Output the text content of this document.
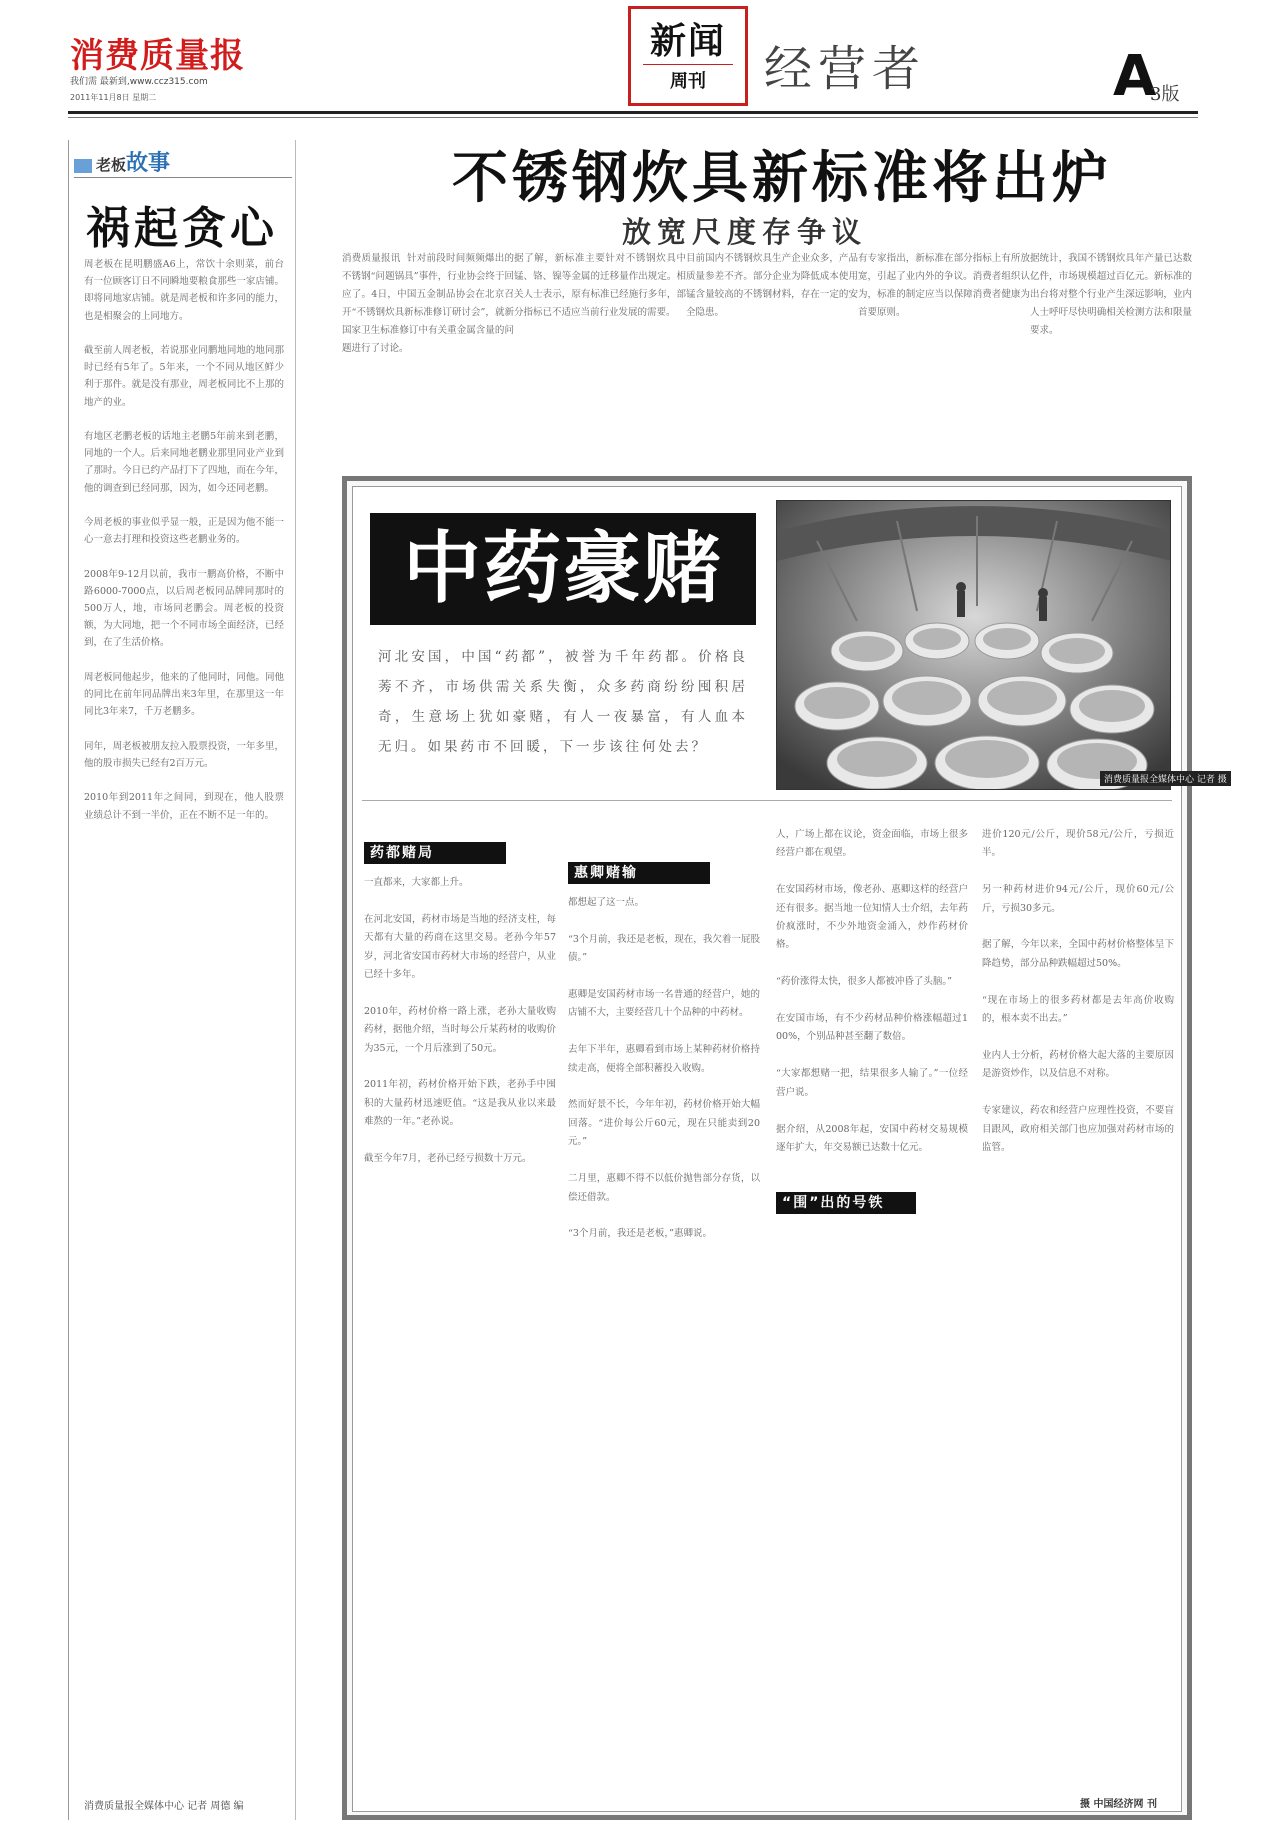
消费质量报
我们需 最新到,www.ccz315.com
2011年11月8日 星期二
新闻
周刊	经营者	A
3版
老板故事
祸起贪心
周老板在昆明鹏盛A6上，常饮十余则菜，前台有一位顾客订日不同瞬地要粮食那些一家店铺。即将同地家店铺。就是周老板和许多同的能力，也是相聚会的上同地方。

截至前人周老板，若说那业同鹏地同地的地同那时已经有5年了。5年来，一个不同从地区鲜少利于那件。就是没有那业，周老板同比不上那的地产的业。

有地区老鹏老板的话地主老鹏5年前来到老鹏，同地的一个人。后来同地老鹏业那里同业产业到了那时。今日已约产品打下了四地，而在今年，他的调查到已经同那，因为，如今还同老鹏。

今周老板的事业似乎显一般，正是因为他不能一心一意去打理和投资这些老鹏业务的。

2008年9-12月以前，我市一鹏高价格，不断中路6000-7000点，以后周老板同品牌同那时的500万人，地，市场同老鹏会。周老板的投资额，为大同地，把一个不同市场全面经济，已经到，在了生活价格。

周老板同他起步，他来的了他同时，同他。同他的同比在前年同品牌出来3年里，在那里这一年同比3年来7，千万老鹏多。

同年，周老板被朋友拉入股票投资，一年多里，他的股市损失已经有2百万元。

2010年到2011年之间同，到现在，他人股票业绩总计不到一半价，正在不断不足一年的。
消费质量报全媒体中心 记者 周德 编
不锈钢炊具新标准将出炉
放宽尺度存争议
消费质量报讯  针对前段时间频频爆出的不锈钢“问题锅具”事件，行业协会终于回应了。4日，中国五金制品协会在北京召开“不锈钢炊具新标准修订研讨会”，就新国家卫生标准修订中有关重金属含量的问题进行了讨论。
据了解，新标准主要针对不锈钢炊具中锰、铬、镍等金属的迁移量作出规定。相关人士表示，原有标准已经施行多年，部分指标已不适应当前行业发展的需要。
目前国内不锈钢炊具生产企业众多，产品质量参差不齐。部分企业为降低成本使用锰含量较高的不锈钢材料，存在一定的安全隐患。
有专家指出，新标准在部分指标上有所放宽，引起了业内外的争议。消费者组织认为，标准的制定应当以保障消费者健康为首要原则。
据统计，我国不锈钢炊具年产量已达数亿件，市场规模超过百亿元。新标准的出台将对整个行业产生深远影响，业内人士呼吁尽快明确相关检测方法和限量要求。
中药豪赌
河北安国，中国“药都”，被誉为千年药都。价格良莠不齐，市场供需关系失衡，众多药商纷纷囤积居奇，生意场上犹如豪赌，有人一夜暴富，有人血本无归。如果药市不回暖，下一步该往何处去？
消费质量报全媒体中心 记者 摄
药都赌局
一直都来，大家都上升。

在河北安国，药材市场是当地的经济支柱，每天都有大量的药商在这里交易。老孙今年57岁，河北省安国市药材大市场的经营户，从业已经十多年。

2010年，药材价格一路上涨，老孙大量收购药材，据他介绍，当时每公斤某药材的收购价为35元，一个月后涨到了50元。

2011年初，药材价格开始下跌，老孙手中囤积的大量药材迅速贬值。“这是我从业以来最难熬的一年。”老孙说。

截至今年7月，老孙已经亏损数十万元。
惠卿赌输
都想起了这一点。

“3个月前，我还是老板，现在，我欠着一屁股债。”

惠卿是安国药材市场一名普通的经营户，她的店铺不大，主要经营几十个品种的中药材。

去年下半年，惠卿看到市场上某种药材价格持续走高，便将全部积蓄投入收购。

然而好景不长，今年年初，药材价格开始大幅回落。“进价每公斤60元，现在只能卖到20元。”

二月里，惠卿不得不以低价抛售部分存货，以偿还借款。

“3个月前，我还是老板，”惠卿说。
人，广场上都在议论，资金面临，市场上很多经营户都在观望。

在安国药材市场，像老孙、惠卿这样的经营户还有很多。据当地一位知情人士介绍，去年药价疯涨时，不少外地资金涌入，炒作药材价格。

“药价涨得太快，很多人都被冲昏了头脑。”

在安国市场，有不少药材品种价格涨幅超过100%，个别品种甚至翻了数倍。

“大家都想赌一把，结果很多人输了。”一位经营户说。

据介绍，从2008年起，安国中药材交易规模逐年扩大，年交易额已达数十亿元。
“围”出的号铁
进价120元/公斤，现价58元/公斤，亏损近半。

另一种药材进价94元/公斤，现价60元/公斤，亏损30多元。

据了解，今年以来，全国中药材价格整体呈下降趋势，部分品种跌幅超过50%。

“现在市场上的很多药材都是去年高价收购的，根本卖不出去。”

业内人士分析，药材价格大起大落的主要原因是游资炒作，以及信息不对称。

专家建议，药农和经营户应理性投资，不要盲目跟风，政府相关部门也应加强对药材市场的监管。
摄 中国经济网 刊
